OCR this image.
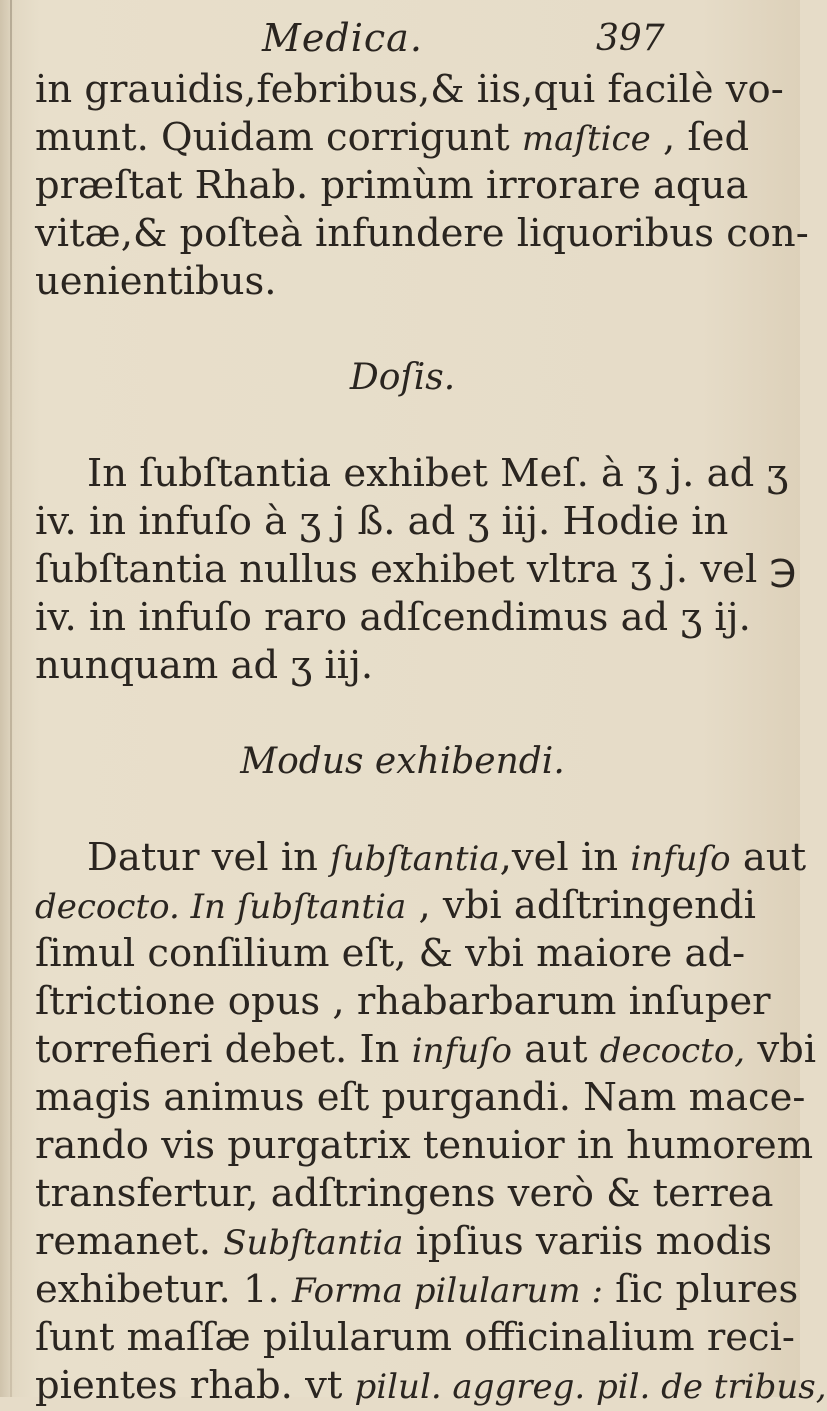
Medica.	397
in grauidis,febribus,& iis,qui facilè vo-
munt. Quidam corrigunt maſtice , ſed
præſtat Rhab. primùm irrorare aqua
vitæ,& poſteà infundere liquoribus con-
uenientibus.
Doſis.
In ſubſtantia exhibet Meſ. à ʒ j. ad ʒ
iv. in infuſo à ʒ j ß. ad ʒ iij. Hodie in
ſubſtantia nullus exhibet vltra ʒ j. vel ℈
iv. in infuſo raro adſcendimus ad ʒ ij.
nunquam ad ʒ iij.
Modus exhibendi.
Datur vel in ſubſtantia,vel in infuſo aut
decocto. In ſubſtantia , vbi adſtringendi
ſimul conſilium eſt, & vbi maiore ad-
ſtrictione opus , rhabarbarum inſuper
torrefieri debet. In infuſo aut decocto, vbi
magis animus eſt purgandi. Nam mace-
rando vis purgatrix tenuior in humorem
transfertur, adſtringens verò & terrea
remanet. Subſtantia ipſius variis modis
exhibetur. 1. Forma pilularum : ſic plures
ſunt maſſæ pilularum officinalium reci-
pientes rhab. vt pilul. aggreg. pil. de tribus,
